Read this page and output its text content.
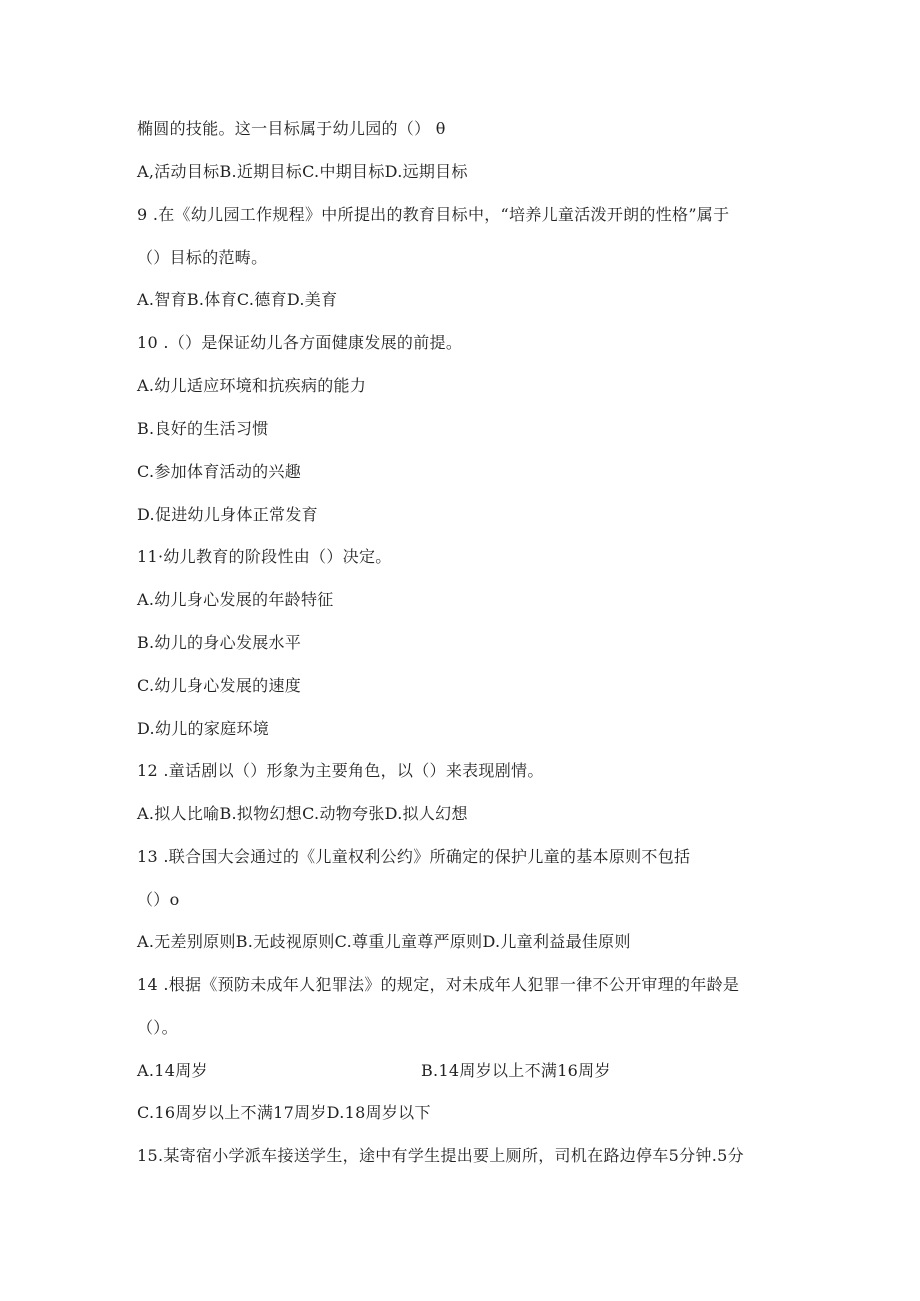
椭圆的技能。这一目标属于幼儿园的（） θ
A,活动目标B.近期目标C.中期目标D.远期目标
9 .在《幼儿园工作规程》中所提出的教育目标中，“培养儿童活泼开朗的性格”属于
（）目标的范畴。
A.智育B.体育C.德育D.美育
10 .（）是保证幼儿各方面健康发展的前提。
A.幼儿适应环境和抗疾病的能力
B.良好的生活习惯
C.参加体育活动的兴趣
D.促进幼儿身体正常发育
11·幼儿教育的阶段性由（）决定。
A.幼儿身心发展的年龄特征
B.幼儿的身心发展水平
C.幼儿身心发展的速度
D.幼儿的家庭环境
12 .童话剧以（）形象为主要角色，以（）来表现剧情。
A.拟人比喻B.拟物幻想C.动物夸张D.拟人幻想
13 .联合国大会通过的《儿童权利公约》所确定的保护儿童的基本原则不包括
（）o
A.无差别原则B.无歧视原则C.尊重儿童尊严原则D.儿童利益最佳原则
14 .根据《预防未成年人犯罪法》的规定，对未成年人犯罪一律不公开审理的年龄是
（）。
A.14周岁	B.14周岁以上不满16周岁
C.16周岁以上不满17周岁D.18周岁以下
15.某寄宿小学派车接送学生，途中有学生提出要上厕所，司机在路边停车5分钟.5分
